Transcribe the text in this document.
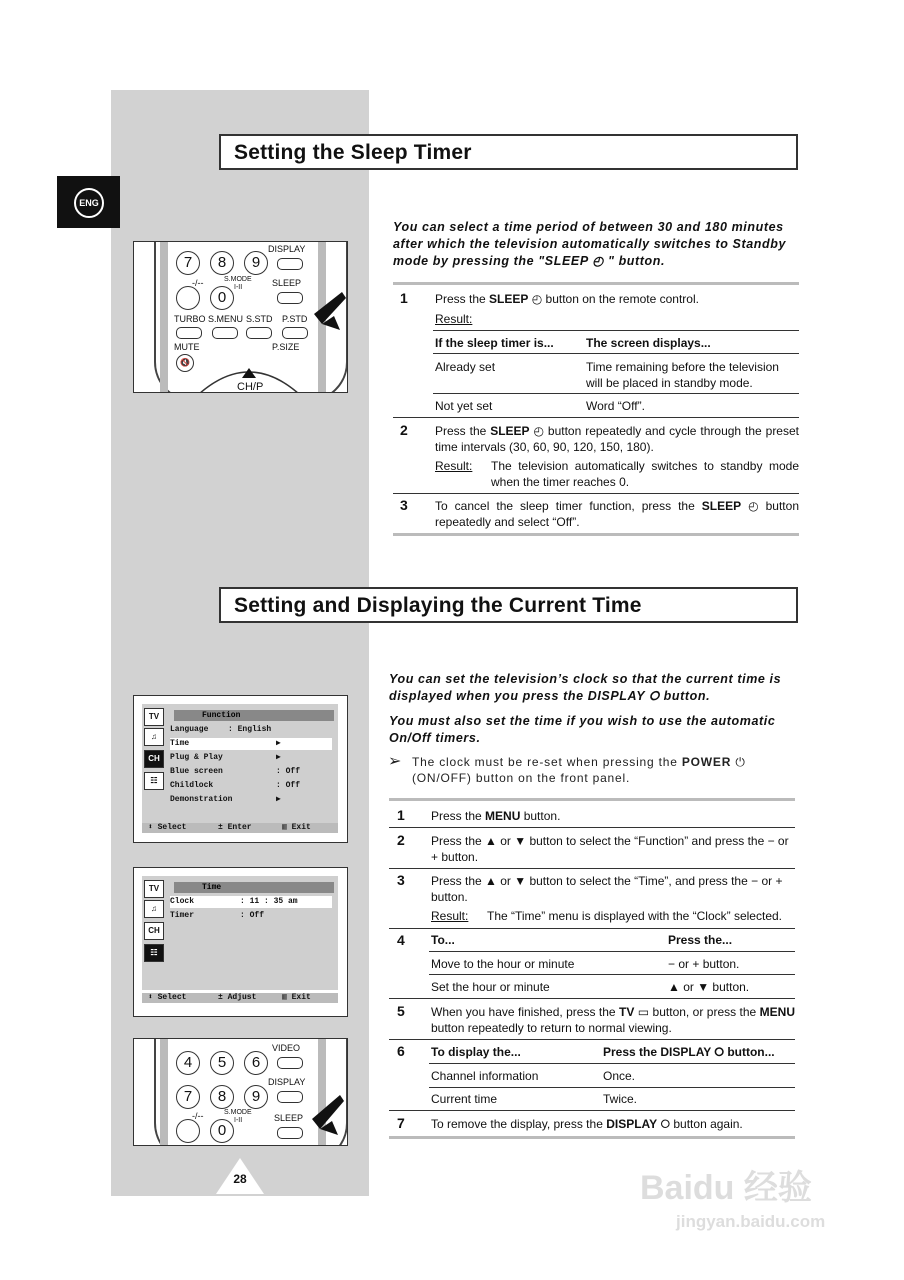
ENG
Setting the Sleep Timer
You can select a time period of between 30 and 180 minutes after which the television automatically switches to Standby mode by pressing the "SLEEP ◴ " button.
7	8	9
DISPLAY
-/--	S.MODE
I-II
0
SLEEP
TURBO S.MENU S.STD P.STD
MUTE	P.SIZE
🔇
CH/P
1 Press the SLEEP ◴ button on the remote control.
Result:
If the sleep timer is...	The screen displays...
Already set	Time remaining before the television will be placed in standby mode.
Not yet set	Word “Off”.
2 Press the SLEEP ◴ button repeatedly and cycle through the preset time intervals (30, 60, 90, 120, 150, 180).
Result: The television automatically switches to standby mode when the timer reaches 0.
3 To cancel the sleep timer function, press the SLEEP ◴ button repeatedly and select “Off”.
Setting and Displaying the Current Time
You can set the television’s clock so that the current time is displayed when you press the DISPLAY ⭘ button.
You must also set the time if you wish to use the automatic On/Off timers.
➢ The clock must be re-set when pressing the POWER ⏻ (ON/OFF) button on the front panel.
TV
♫
CH
☷
Function
Language : English
Time	▶
Plug & Play	▶
Blue screen	: Off
Childlock	: Off
Demonstration	▶
⬍ Select	± Enter	▥ Exit
TV
♫
CH
☷
Time
Clock	: 11 : 35 am
Timer	: Off
⬍ Select	± Adjust	▥ Exit
4	5	6
VIDEO
DISPLAY
7	8	9
-/--	S.MODE
I-II
0
SLEEP
1 Press the MENU button.
2 Press the ▲ or ▼ button to select the “Function” and press the − or + button.
3 Press the ▲ or ▼ button to select the “Time”, and press the − or + button.
Result: The “Time” menu is displayed with the “Clock” selected.
4 To...	Press the...
Move to the hour or minute	− or + button.
Set the hour or minute	▲ or ▼ button.
5 When you have finished, press the TV ▭ button, or press the MENU button repeatedly to return to normal viewing.
6 To display the...	Press the DISPLAY ⭘ button...
Channel information	Once.
Current time	Twice.
7 To remove the display, press the DISPLAY ⭘ button again.
28	Baidu 经验
jingyan.baidu.com
